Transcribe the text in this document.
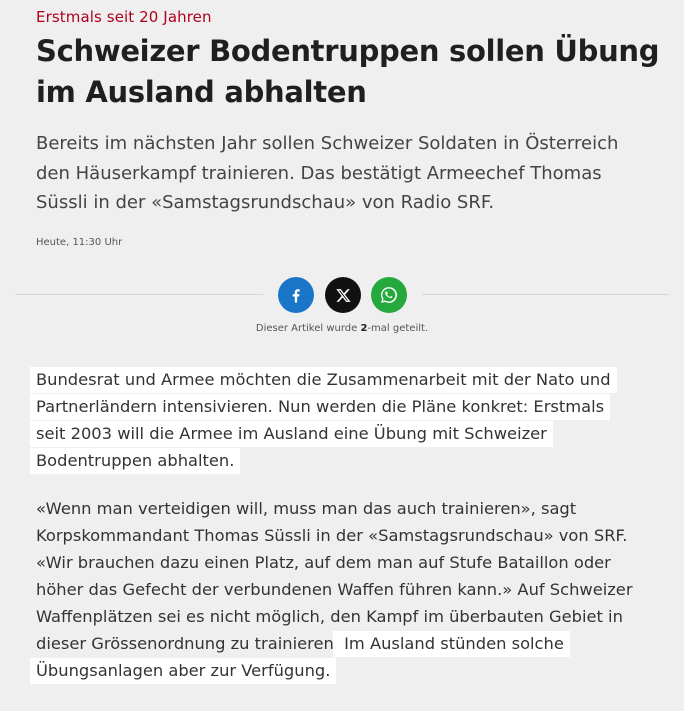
Erstmals seit 20 Jahren
Schweizer Bodentruppen sollen Übung im Ausland abhalten

Bereits im nächsten Jahr sollen Schweizer Soldaten in Österreich den Häuserkampf trainieren. Das bestätigt Armeechef Thomas Süssli in der «Samstagsrundschau» von Radio SRF.

Heute, 11:30 Uhr
Dieser Artikel wurde 2-mal geteilt.

Bundesrat und Armee möchten die Zusammenarbeit mit der Nato und Partnerländern intensivieren. Nun werden die Pläne konkret: Erstmals seit 2003 will die Armee im Ausland eine Übung mit Schweizer Bodentruppen abhalten.

«Wenn man verteidigen will, muss man das auch trainieren», sagt Korpskommandant Thomas Süssli in der «Samstagsrundschau» von SRF. «Wir brauchen dazu einen Platz, auf dem man auf Stufe Bataillon oder höher das Gefecht der verbundenen Waffen führen kann.» Auf Schweizer Waffenplätzen sei es nicht möglich, den Kampf im überbauten Gebiet in dieser Grössenordnung zu trainieren. Im Ausland stünden solche Übungsanlagen aber zur Verfügung.
